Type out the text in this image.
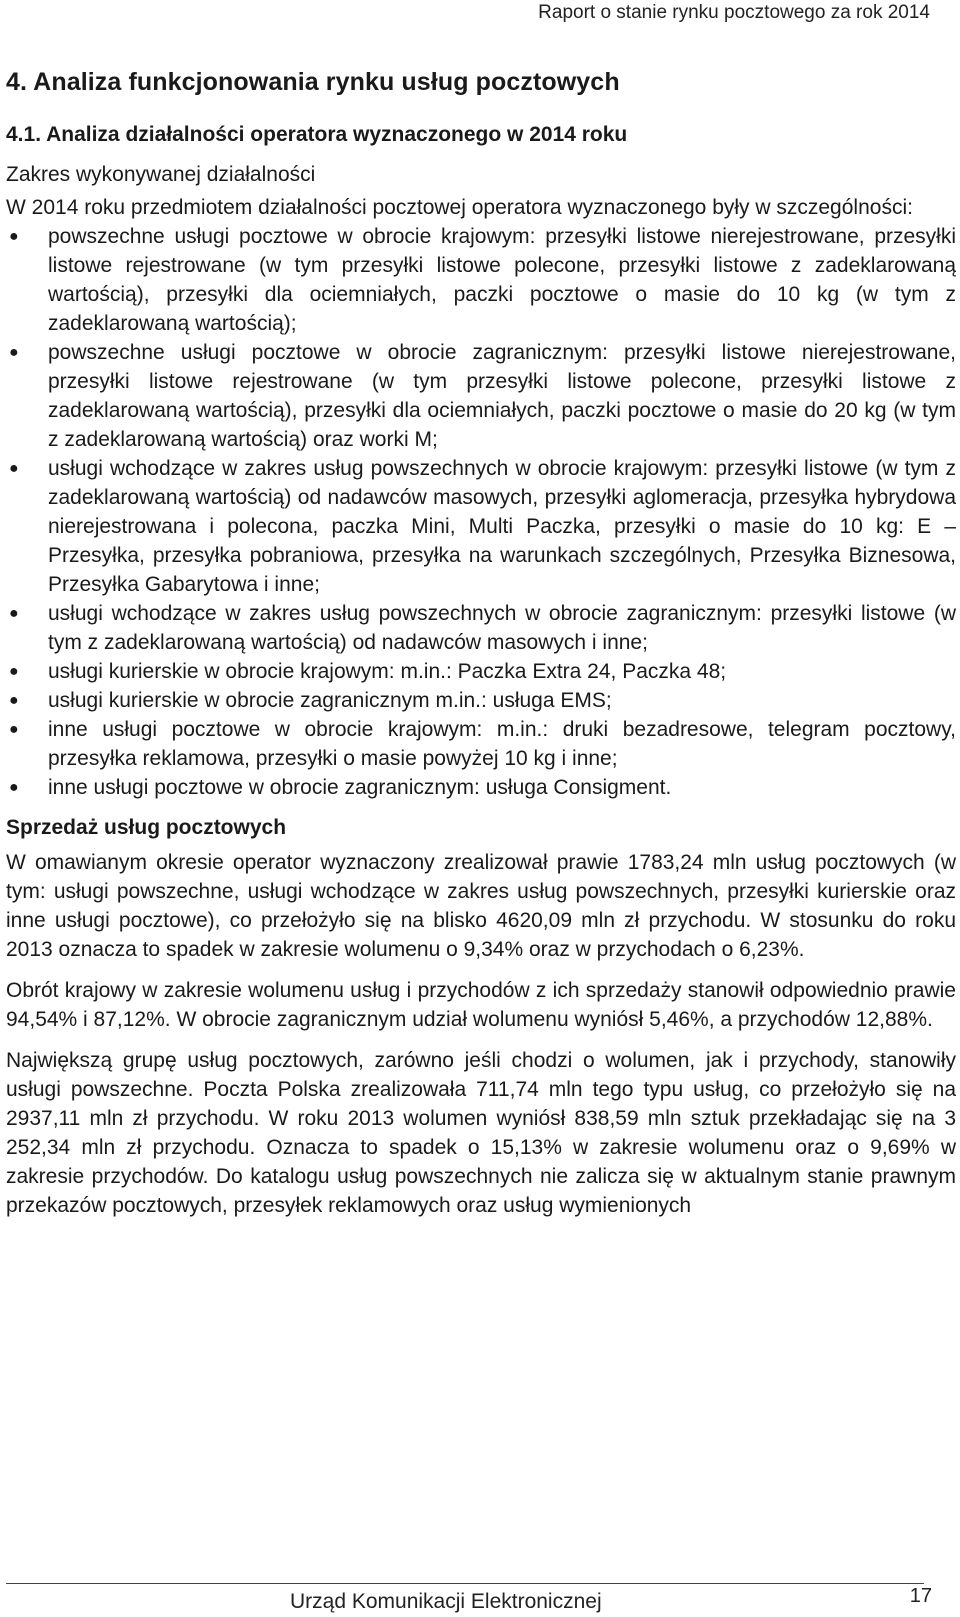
Raport o stanie rynku pocztowego za rok 2014
4. Analiza funkcjonowania rynku usług pocztowych
4.1. Analiza działalności operatora wyznaczonego w 2014 roku
Zakres wykonywanej działalności

W 2014 roku przedmiotem działalności pocztowej operatora wyznaczonego były w szczególności:

● powszechne usługi pocztowe w obrocie krajowym: przesyłki listowe nierejestrowane, przesyłki listowe rejestrowane (w tym przesyłki listowe polecone, przesyłki listowe z zadeklarowaną wartością), przesyłki dla ociemniałych, paczki pocztowe o masie do 10 kg (w tym z zadeklarowaną wartością);
● powszechne usługi pocztowe w obrocie zagranicznym: przesyłki listowe nierejestrowane, przesyłki listowe rejestrowane (w tym przesyłki listowe polecone, przesyłki listowe z zadeklarowaną wartością), przesyłki dla ociemniałych, paczki pocztowe o masie do 20 kg (w tym z zadeklarowaną wartością) oraz worki M;
● usługi wchodzące w zakres usług powszechnych w obrocie krajowym: przesyłki listowe (w tym z zadeklarowaną wartością) od nadawców masowych, przesyłki aglomeracja, przesyłka hybrydowa nierejestrowana i polecona, paczka Mini, Multi Paczka, przesyłki o masie do 10 kg: E – Przesyłka, przesyłka pobraniowa, przesyłka na warunkach szczególnych, Przesyłka Biznesowa, Przesyłka Gabarytowa i inne;
● usługi wchodzące w zakres usług powszechnych w obrocie zagranicznym: przesyłki listowe (w tym z zadeklarowaną wartością) od nadawców masowych i inne;
● usługi kurierskie w obrocie krajowym: m.in.: Paczka Extra 24, Paczka 48;
● usługi kurierskie w obrocie zagranicznym m.in.: usługa EMS;
● inne usługi pocztowe w obrocie krajowym: m.in.: druki bezadresowe, telegram pocztowy, przesyłka reklamowa, przesyłki o masie powyżej 10 kg i inne;
● inne usługi pocztowe w obrocie zagranicznym: usługa Consigment.
Sprzedaż usług pocztowych

W omawianym okresie operator wyznaczony zrealizował prawie 1783,24 mln usług pocztowych (w tym: usługi powszechne, usługi wchodzące w zakres usług powszechnych, przesyłki kurierskie oraz inne usługi pocztowe), co przełożyło się na blisko 4620,09 mln zł przychodu. W stosunku do roku 2013 oznacza to spadek w zakresie wolumenu o 9,34% oraz w przychodach o 6,23%.

Obrót krajowy w zakresie wolumenu usług i przychodów z ich sprzedaży stanowił odpowiednio prawie 94,54% i 87,12%. W obrocie zagranicznym udział wolumenu wyniósł 5,46%, a przychodów 12,88%.

Największą grupę usług pocztowych, zarówno jeśli chodzi o wolumen, jak i przychody, stanowiły usługi powszechne. Poczta Polska zrealizowała 711,74 mln tego typu usług, co przełożyło się na 2937,11 mln zł przychodu. W roku 2013 wolumen wyniósł 838,59 mln sztuk przekładając się na 3 252,34 mln zł przychodu. Oznacza to spadek o 15,13% w zakresie wolumenu oraz o 9,69% w zakresie przychodów. Do katalogu usług powszechnych nie zalicza się w aktualnym stanie prawnym przekazów pocztowych, przesyłek reklamowych oraz usług wymienionych

Urząd Komunikacji Elektronicznej	17
